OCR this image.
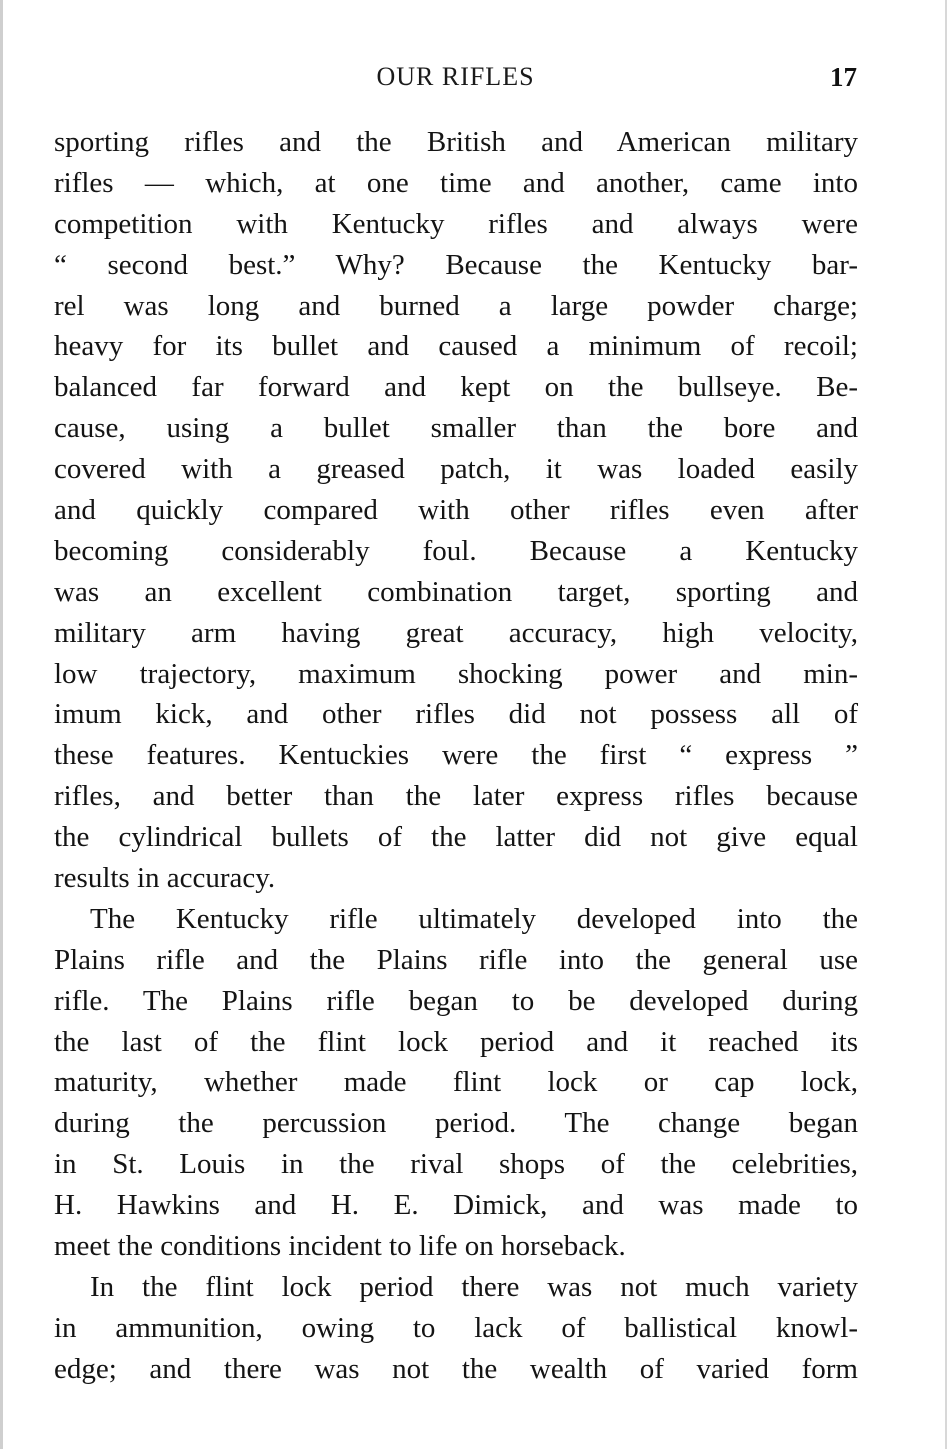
OUR RIFLES	17
sporting rifles and the British and American military
rifles — which, at one time and another, came into
competition with Kentucky rifles and always were
“ second best.” Why? Because the Kentucky bar-
rel was long and burned a large powder charge;
heavy for its bullet and caused a minimum of recoil;
balanced far forward and kept on the bullseye. Be-
cause, using a bullet smaller than the bore and
covered with a greased patch, it was loaded easily
and quickly compared with other rifles even after
becoming considerably foul. Because a Kentucky
was an excellent combination target, sporting and
military arm having great accuracy, high velocity,
low trajectory, maximum shocking power and min-
imum kick, and other rifles did not possess all of
these features. Kentuckies were the first “ express ”
rifles, and better than the later express rifles because
the cylindrical bullets of the latter did not give equal
results in accuracy.
The Kentucky rifle ultimately developed into the
Plains rifle and the Plains rifle into the general use
rifle. The Plains rifle began to be developed during
the last of the flint lock period and it reached its
maturity, whether made flint lock or cap lock,
during the percussion period. The change began
in St. Louis in the rival shops of the celebrities,
H. Hawkins and H. E. Dimick, and was made to
meet the conditions incident to life on horseback.
In the flint lock period there was not much variety
in ammunition, owing to lack of ballistical knowl-
edge; and there was not the wealth of varied form
